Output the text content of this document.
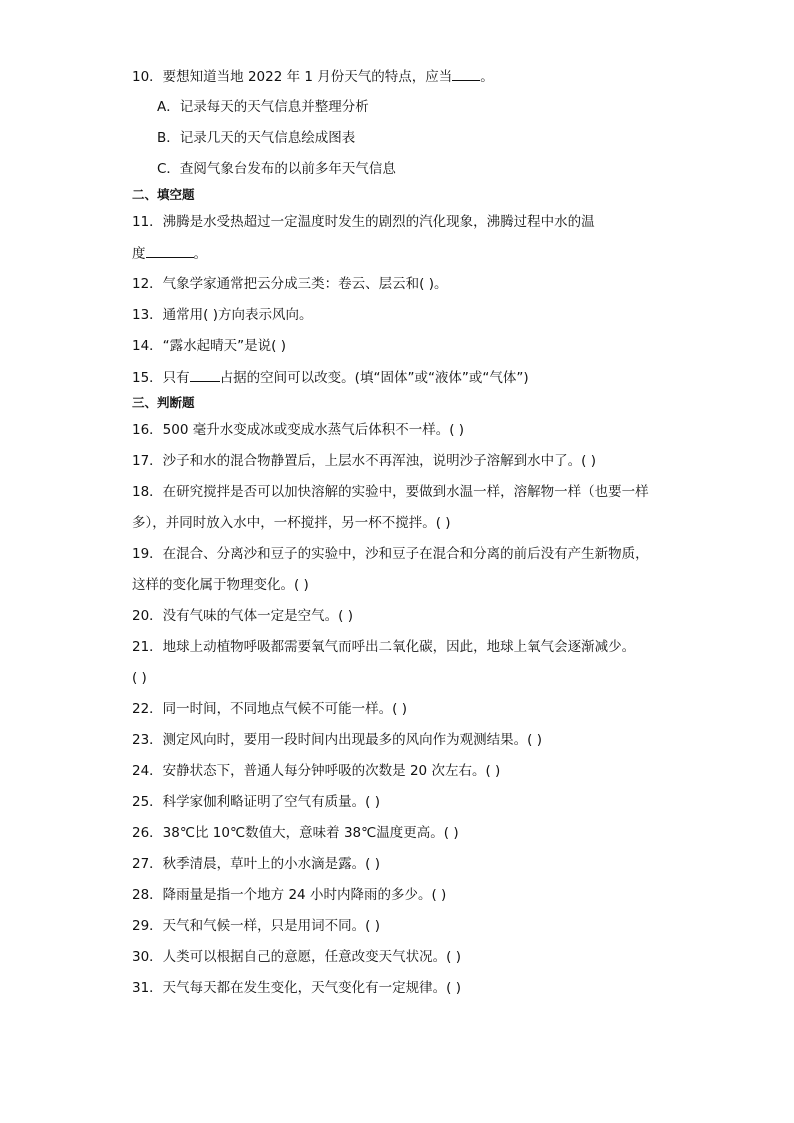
10．要想知道当地 2022 年 1 月份天气的特点，应当 。
A．记录每天的天气信息并整理分析
B．记录几天的天气信息绘成图表
C．查阅气象台发布的以前多年天气信息
二、填空题
11．沸腾是水受热超过一定温度时发生的剧烈的汽化现象，沸腾过程中水的温
度	。
12．气象学家通常把云分成三类：卷云、层云和( )。
13．通常用( )方向表示风向。
14．“露水起晴天”是说( )
15．只有 占据的空间可以改变。(填“固体”或“液体”或“气体”)
三、判断题
16．500 毫升水变成冰或变成水蒸气后体积不一样。( )
17．沙子和水的混合物静置后，上层水不再浑浊，说明沙子溶解到水中了。( )
18．在研究搅拌是否可以加快溶解的实验中，要做到水温一样，溶解物一样（也要一样
多），并同时放入水中，一杯搅拌，另一杯不搅拌。( )
19．在混合、分离沙和豆子的实验中，沙和豆子在混合和分离的前后没有产生新物质，
这样的变化属于物理变化。( )
20．没有气味的气体一定是空气。( )
21．地球上动植物呼吸都需要氧气而呼出二氧化碳，因此，地球上氧气会逐渐减少。
( )
22．同一时间，不同地点气候不可能一样。( )
23．测定风向时，要用一段时间内出现最多的风向作为观测结果。( )
24．安静状态下，普通人每分钟呼吸的次数是 20 次左右。( )
25．科学家伽利略证明了空气有质量。( )
26．38℃比 10℃数值大，意味着 38℃温度更高。( )
27．秋季清晨，草叶上的小水滴是露。( )
28．降雨量是指一个地方 24 小时内降雨的多少。( )
29．天气和气候一样，只是用词不同。( )
30．人类可以根据自己的意愿，任意改变天气状况。( )
31．天气每天都在发生变化，天气变化有一定规律。( )
